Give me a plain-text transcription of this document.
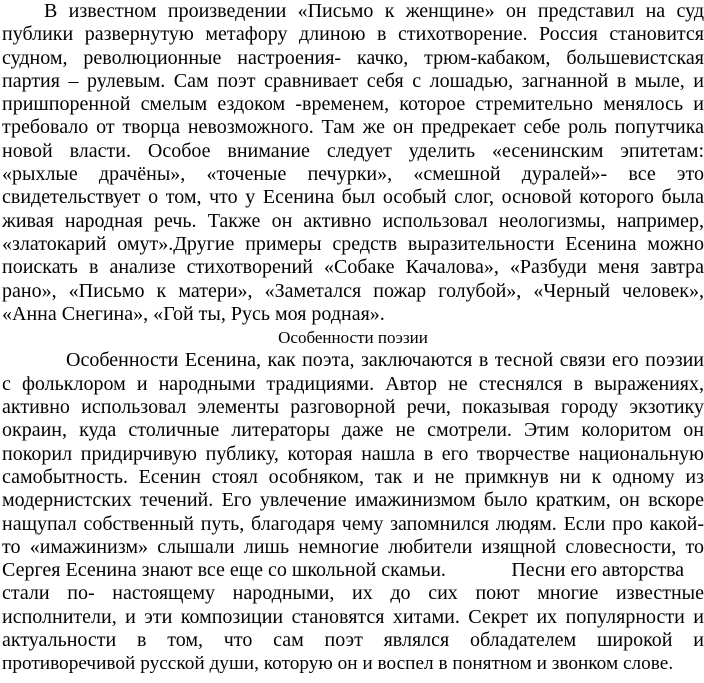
В известном произведении «Письмо к женщине» он представил на суд
публики развернутую метафору длиною в стихотворение. Россия становится
судном, революционные настроения- качко, трюм-кабаком, большевистская
партия – рулевым. Сам поэт сравнивает себя с лошадью, загнанной в мыле, и
пришпоренной смелым ездоком -временем, которое стремительно менялось и
требовало от творца невозможного. Там же он предрекает себе роль попутчика
новой власти. Особое внимание следует уделить «есенинским эпитетам:
«рыхлые драчёны», «точеные печурки», «смешной дуралей»- все это
свидетельствует о том, что у Есенина был особый слог, основой которого была
живая народная речь. Также он активно использовал неологизмы, например,
«златокарий омут».Другие примеры средств выразительности Есенина можно
поискать в анализе стихотворений «Собаке Качалова», «Разбуди меня завтра
рано», «Письмо к матери», «Заметался пожар голубой», «Черный человек»,
«Анна Снегина», «Гой ты, Русь моя родная».
Особенности поэзии
Особенности Есенина, как поэта, заключаются в тесной связи его поэзии
с фольклором и народными традициями. Автор не стеснялся в выражениях,
активно использовал элементы разговорной речи, показывая городу экзотику
окраин, куда столичные литераторы даже не смотрели. Этим колоритом он
покорил придирчивую публику, которая нашла в его творчестве национальную
самобытность. Есенин стоял особняком, так и не примкнув ни к одному из
модернистских течений. Его увлечение имажинизмом было кратким, он вскоре
нащупал собственный путь, благодаря чему запомнился людям. Если про какой-
то «имажинизм» слышали лишь немногие любители изящной словесности, то
Сергея Есенина знают все еще со школьной скамьи.	Песни его авторства
стали по- настоящему народными, их до сих поют многие известные
исполнители, и эти композиции становятся хитами. Секрет их популярности и
актуальности в том, что сам поэт являлся обладателем широкой и
противоречивой русской души, которую он и воспел в понятном и звонком слове.
